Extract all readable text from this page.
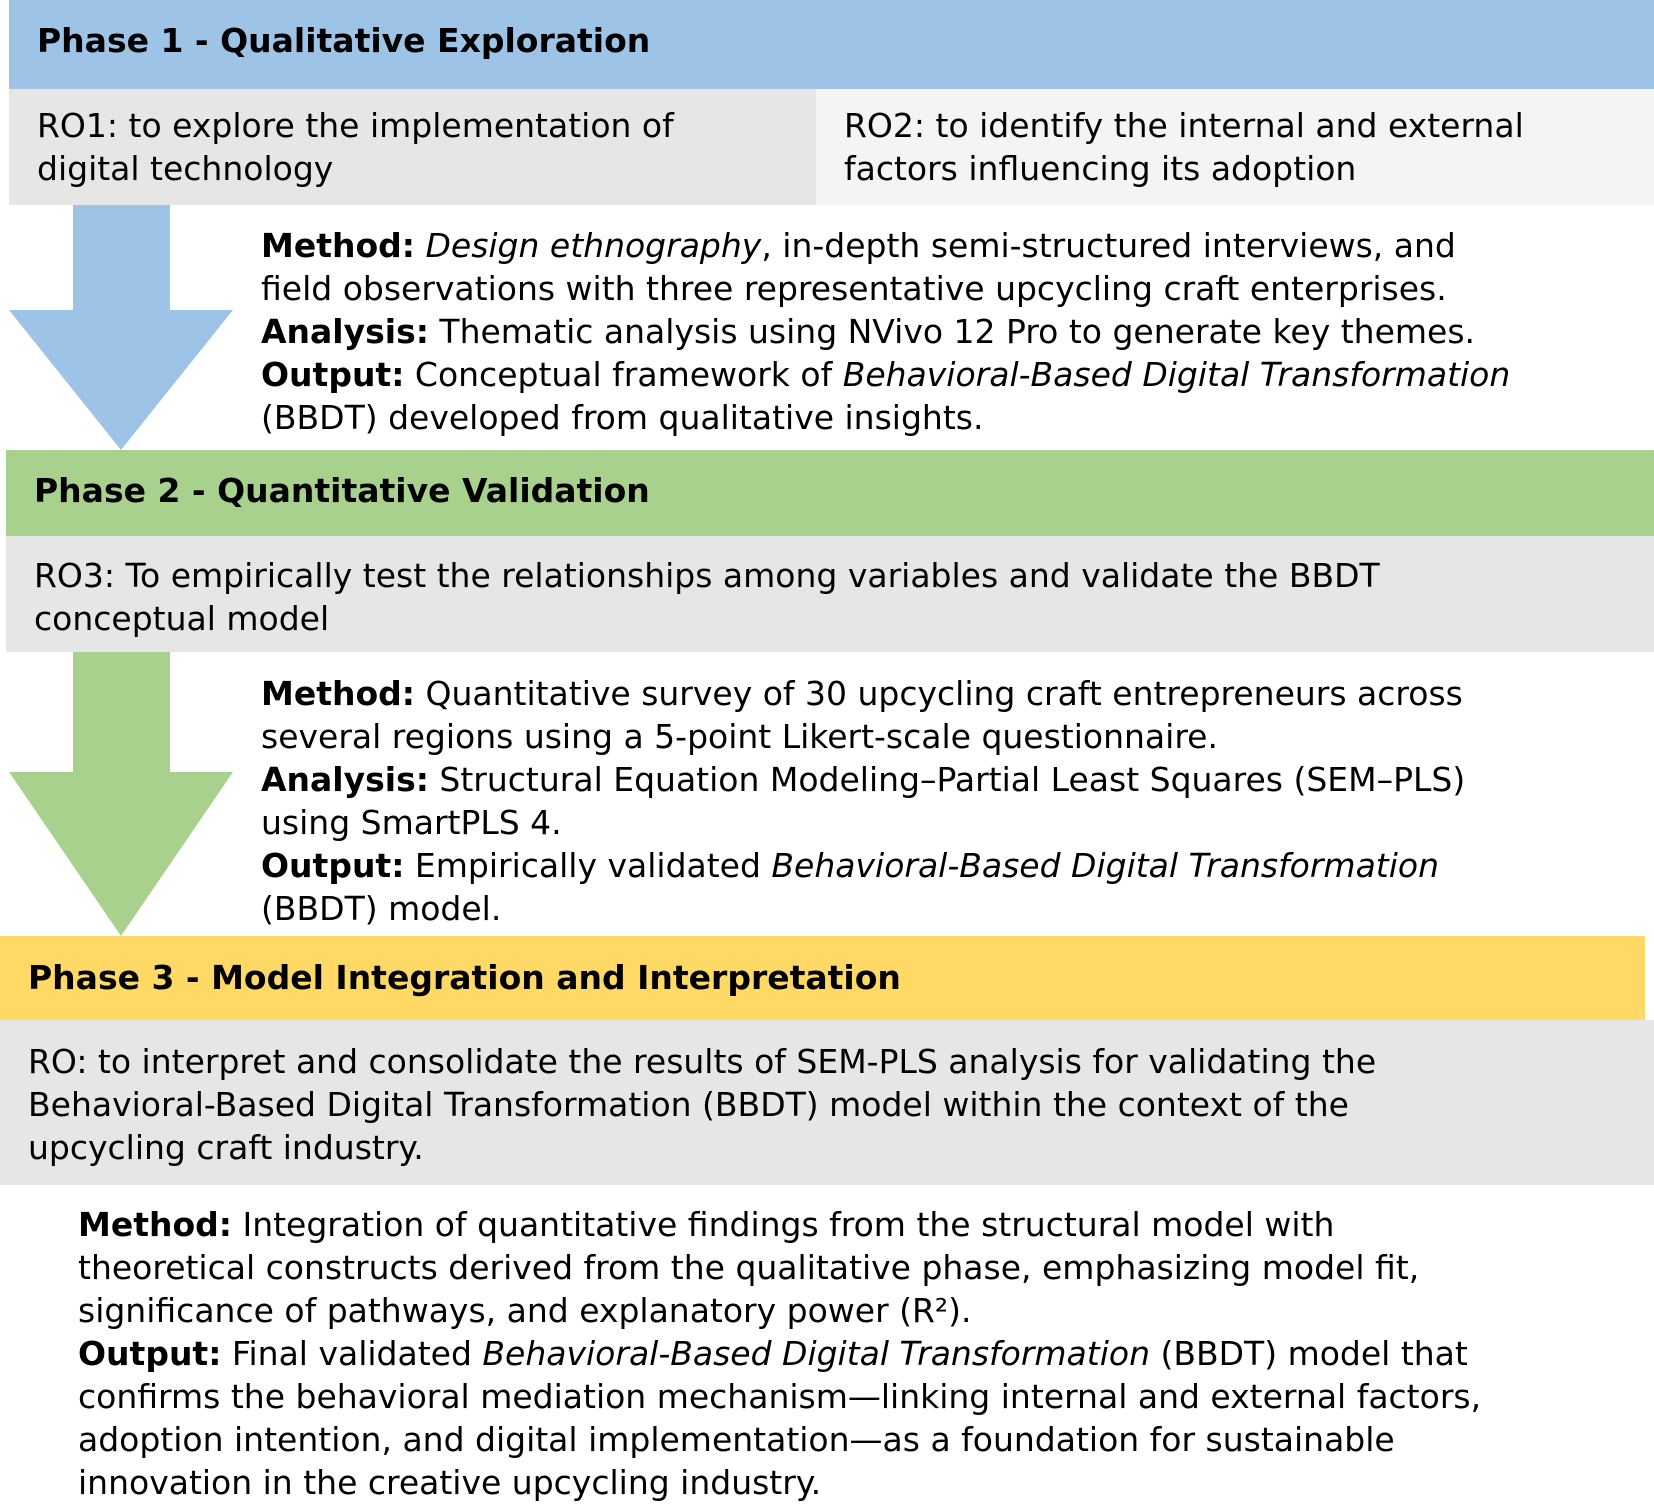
Phase 1 - Qualitative Exploration
RO1: to explore the implementation of
digital technology
RO2: to identify the internal and external
factors influencing its adoption
Method: Design ethnography, in-depth semi-structured interviews, and
field observations with three representative upcycling craft enterprises.
Analysis: Thematic analysis using NVivo 12 Pro to generate key themes.
Output: Conceptual framework of Behavioral-Based Digital Transformation
(BBDT) developed from qualitative insights.
Phase 2 - Quantitative Validation
RO3: To empirically test the relationships among variables and validate the BBDT
conceptual model
Method: Quantitative survey of 30 upcycling craft entrepreneurs across
several regions using a 5-point Likert-scale questionnaire.
Analysis: Structural Equation Modeling–Partial Least Squares (SEM–PLS)
using SmartPLS 4.
Output: Empirically validated Behavioral-Based Digital Transformation
(BBDT) model.
Phase 3 - Model Integration and Interpretation
RO: to interpret and consolidate the results of SEM-PLS analysis for validating the
Behavioral-Based Digital Transformation (BBDT) model within the context of the
upcycling craft industry.
Method: Integration of quantitative findings from the structural model with
theoretical constructs derived from the qualitative phase, emphasizing model fit,
significance of pathways, and explanatory power (R²).
Output: Final validated Behavioral-Based Digital Transformation (BBDT) model that
confirms the behavioral mediation mechanism—linking internal and external factors,
adoption intention, and digital implementation—as a foundation for sustainable
innovation in the creative upcycling industry.
